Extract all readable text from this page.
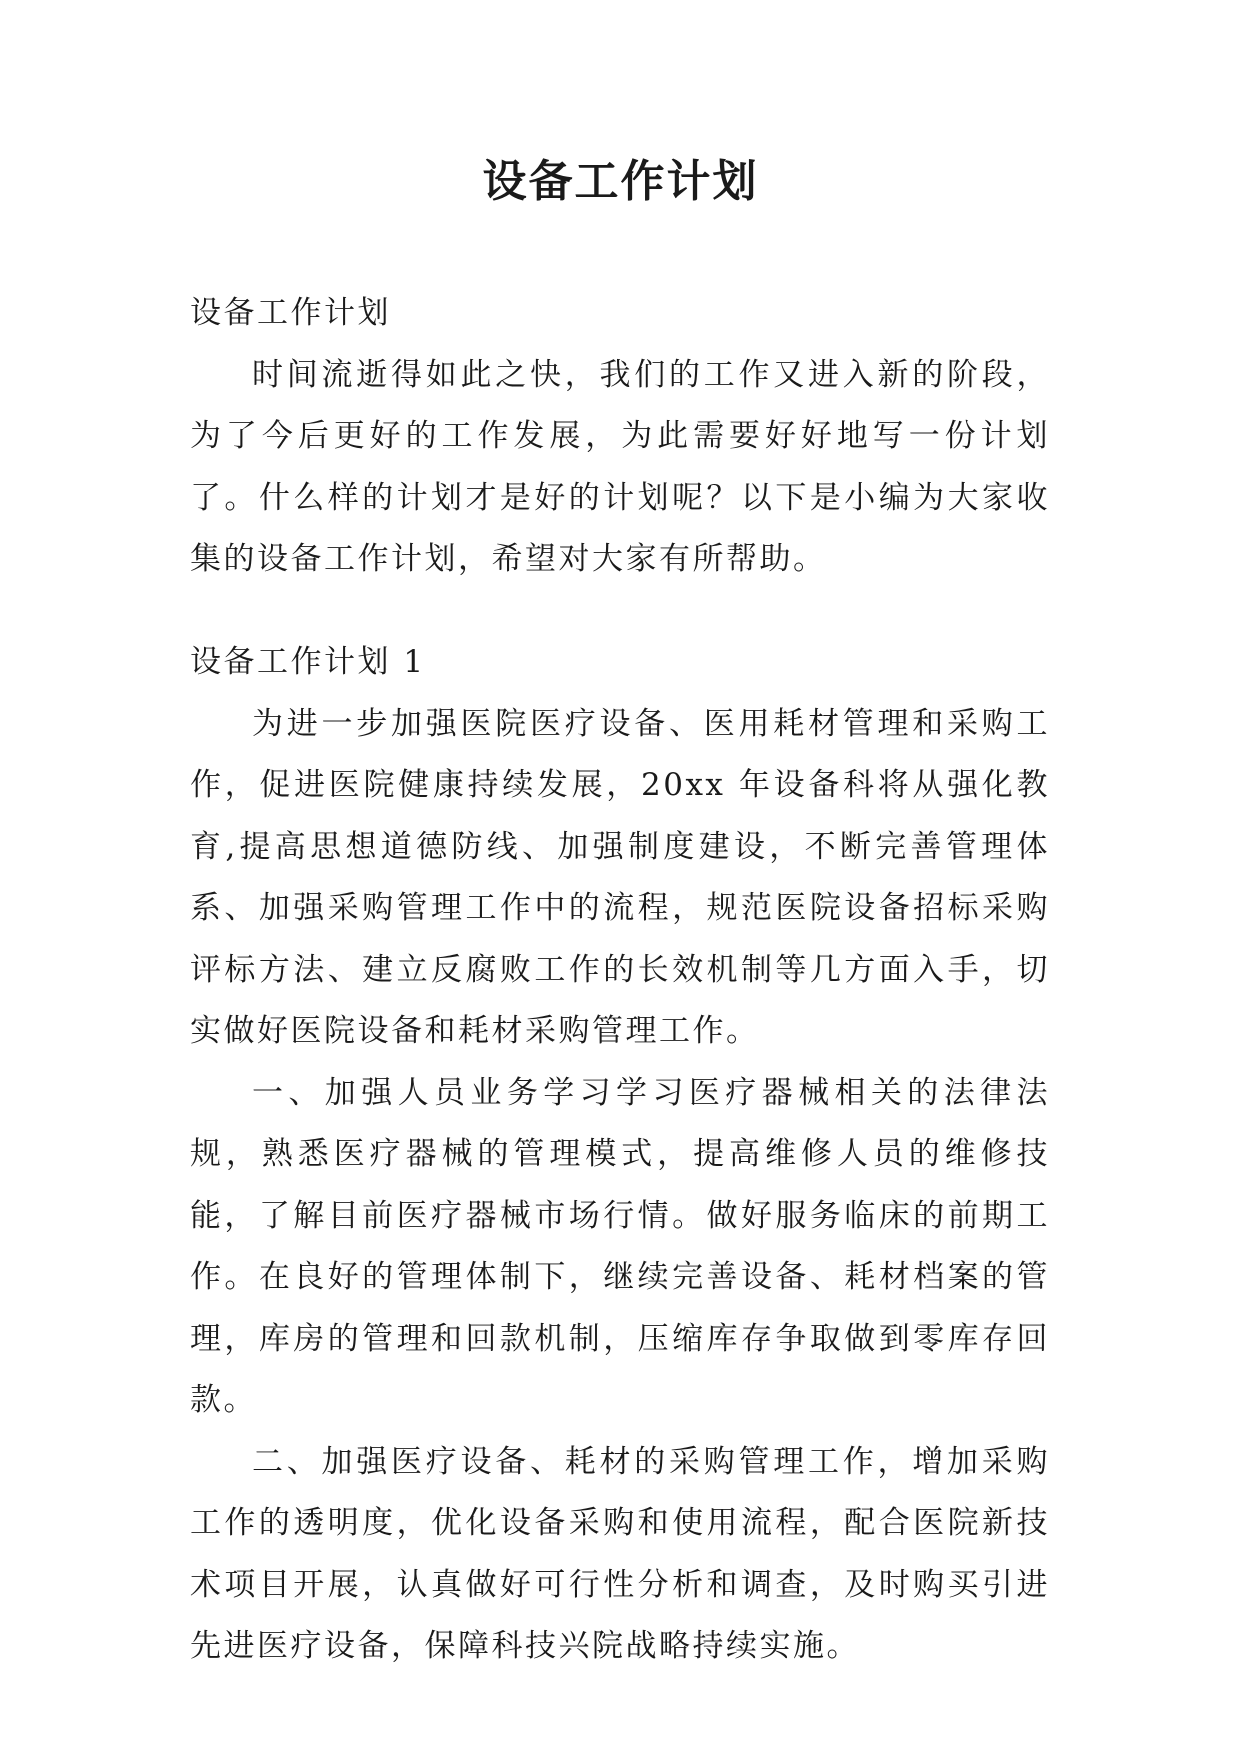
设备工作计划

设备工作计划

时间流逝得如此之快，我们的工作又进入新的阶段，为了今后更好的工作发展，为此需要好好地写一份计划了。什么样的计划才是好的计划呢？以下是小编为大家收集的设备工作计划，希望对大家有所帮助。

设备工作计划 1

为进一步加强医院医疗设备、医用耗材管理和采购工作，促进医院健康持续发展，20xx 年设备科将从强化教育,提高思想道德防线、加强制度建设，不断完善管理体系、加强采购管理工作中的流程，规范医院设备招标采购评标方法、建立反腐败工作的长效机制等几方面入手，切实做好医院设备和耗材采购管理工作。

一、加强人员业务学习学习医疗器械相关的法律法规，熟悉医疗器械的管理模式，提高维修人员的维修技能，了解目前医疗器械市场行情。做好服务临床的前期工作。在良好的管理体制下，继续完善设备、耗材档案的管理，库房的管理和回款机制，压缩库存争取做到零库存回款。

二、加强医疗设备、耗材的采购管理工作，增加采购工作的透明度，优化设备采购和使用流程，配合医院新技术项目开展，认真做好可行性分析和调查，及时购买引进先进医疗设备，保障科技兴院战略持续实施。
